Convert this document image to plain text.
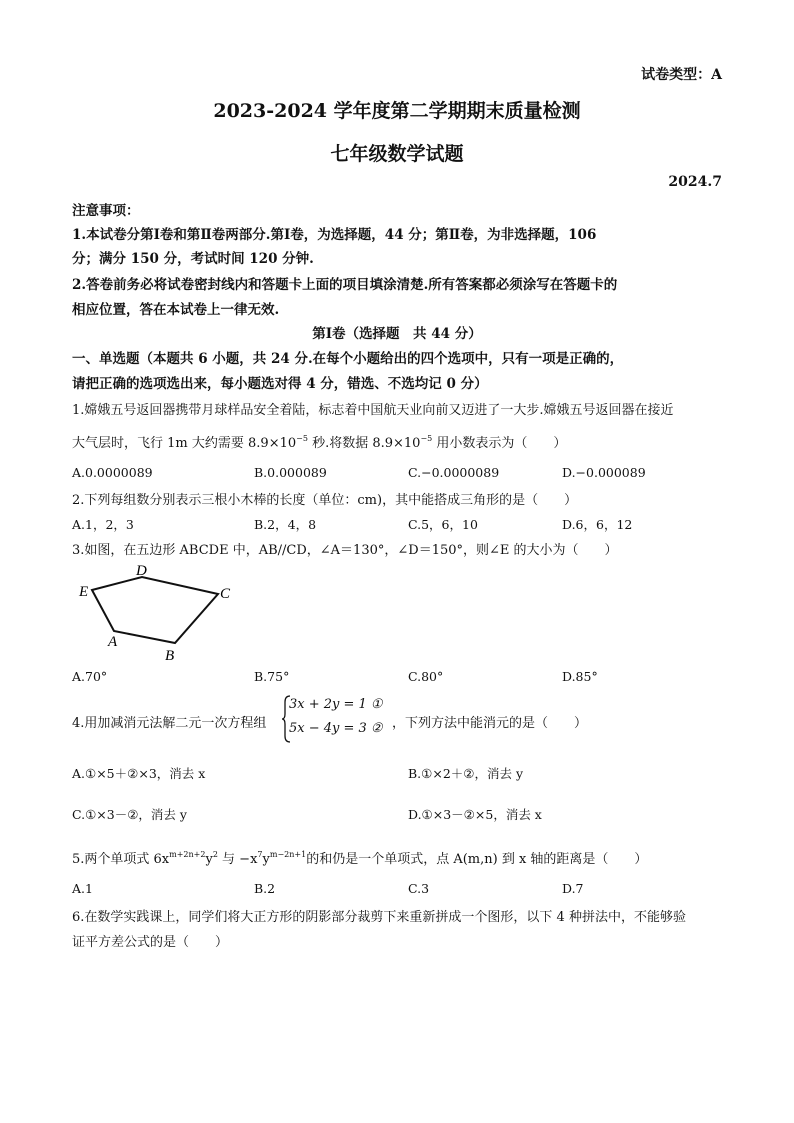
试卷类型：A
2023-2024 学年度第二学期期末质量检测
七年级数学试题
2024.7
注意事项：
1.本试卷分第Ⅰ卷和第Ⅱ卷两部分.第Ⅰ卷，为选择题，44 分；第Ⅱ卷，为非选择题，106
分；满分 150 分，考试时间 120 分钟.
2.答卷前务必将试卷密封线内和答题卡上面的项目填涂清楚.所有答案都必须涂写在答题卡的
相应位置，答在本试卷上一律无效.
第Ⅰ卷（选择题　共 44 分）
一、单选题（本题共 6 小题，共 24 分.在每个小题给出的四个选项中，只有一项是正确的，
请把正确的选项选出来，每小题选对得 4 分，错选、不选均记 0 分）
1.嫦娥五号返回器携带月球样品安全着陆，标志着中国航天业向前又迈进了一大步.嫦娥五号返回器在接近
大气层时，飞行 1m 大约需要 $8.9\times 10^{-5}$ 秒.将数据 $8.9\times 10^{-5}$ 用小数表示为（　　）
A.0.0000089	B.0.000089	C.−0.0000089	D.−0.000089
2.下列每组数分别表示三根小木棒的长度（单位：cm)，其中能搭成三角形的是（　　）
A.1，2，3	B.2，4，8	C.5，6，10	D.6，6，12
3.如图，在五边形 ABCDE 中，AB//CD，∠A＝130°，∠D＝150°，则∠E 的大小为（　　）
E
D
C
A
B
A.70°	B.75°	C.80°	D.85°
4.用加减消元法解二元一次方程组
3x + 2y = 1 ①
5x − 4y = 3 ② ，下列方法中能消元的是（　　）
A.①×5＋②×3，消去 x	B.①×2＋②，消去 y
C.①×3－②，消去 y	D.①×3－②×5，消去 x
5.两个单项式 $6x^{m+2n+2}y^2$ 与 $-x^7y^{m-2n+1}$的和仍是一个单项式，点 A(m,n) 到 x 轴的距离是（　　）
A.1	B.2	C.3	D.7
6.在数学实践课上，同学们将大正方形的阴影部分裁剪下来重新拼成一个图形，以下 4 种拼法中，不能够验
证平方差公式的是（　　）
